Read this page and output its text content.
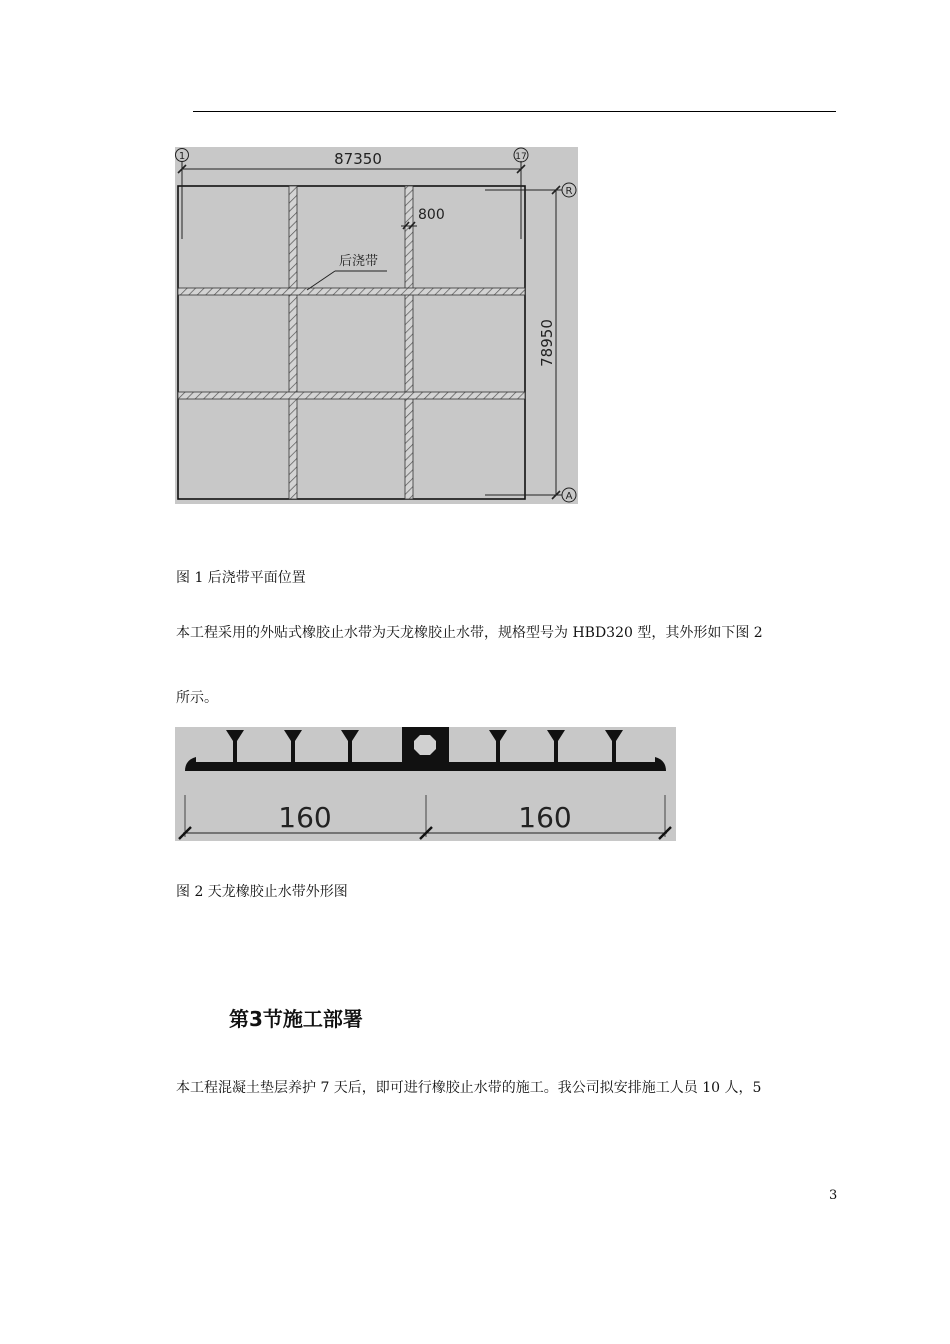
87350
1	17
78950
R
A
800
后浇带
图 1 后浇带平面位置
本工程采用的外贴式橡胶止水带为天龙橡胶止水带，规格型号为 HBD320 型，其外形如下图 2
所示。
160	160
图 2 天龙橡胶止水带外形图
第3节施工部署
本工程混凝土垫层养护 7 天后，即可进行橡胶止水带的施工。我公司拟安排施工人员 10 人，5
3
